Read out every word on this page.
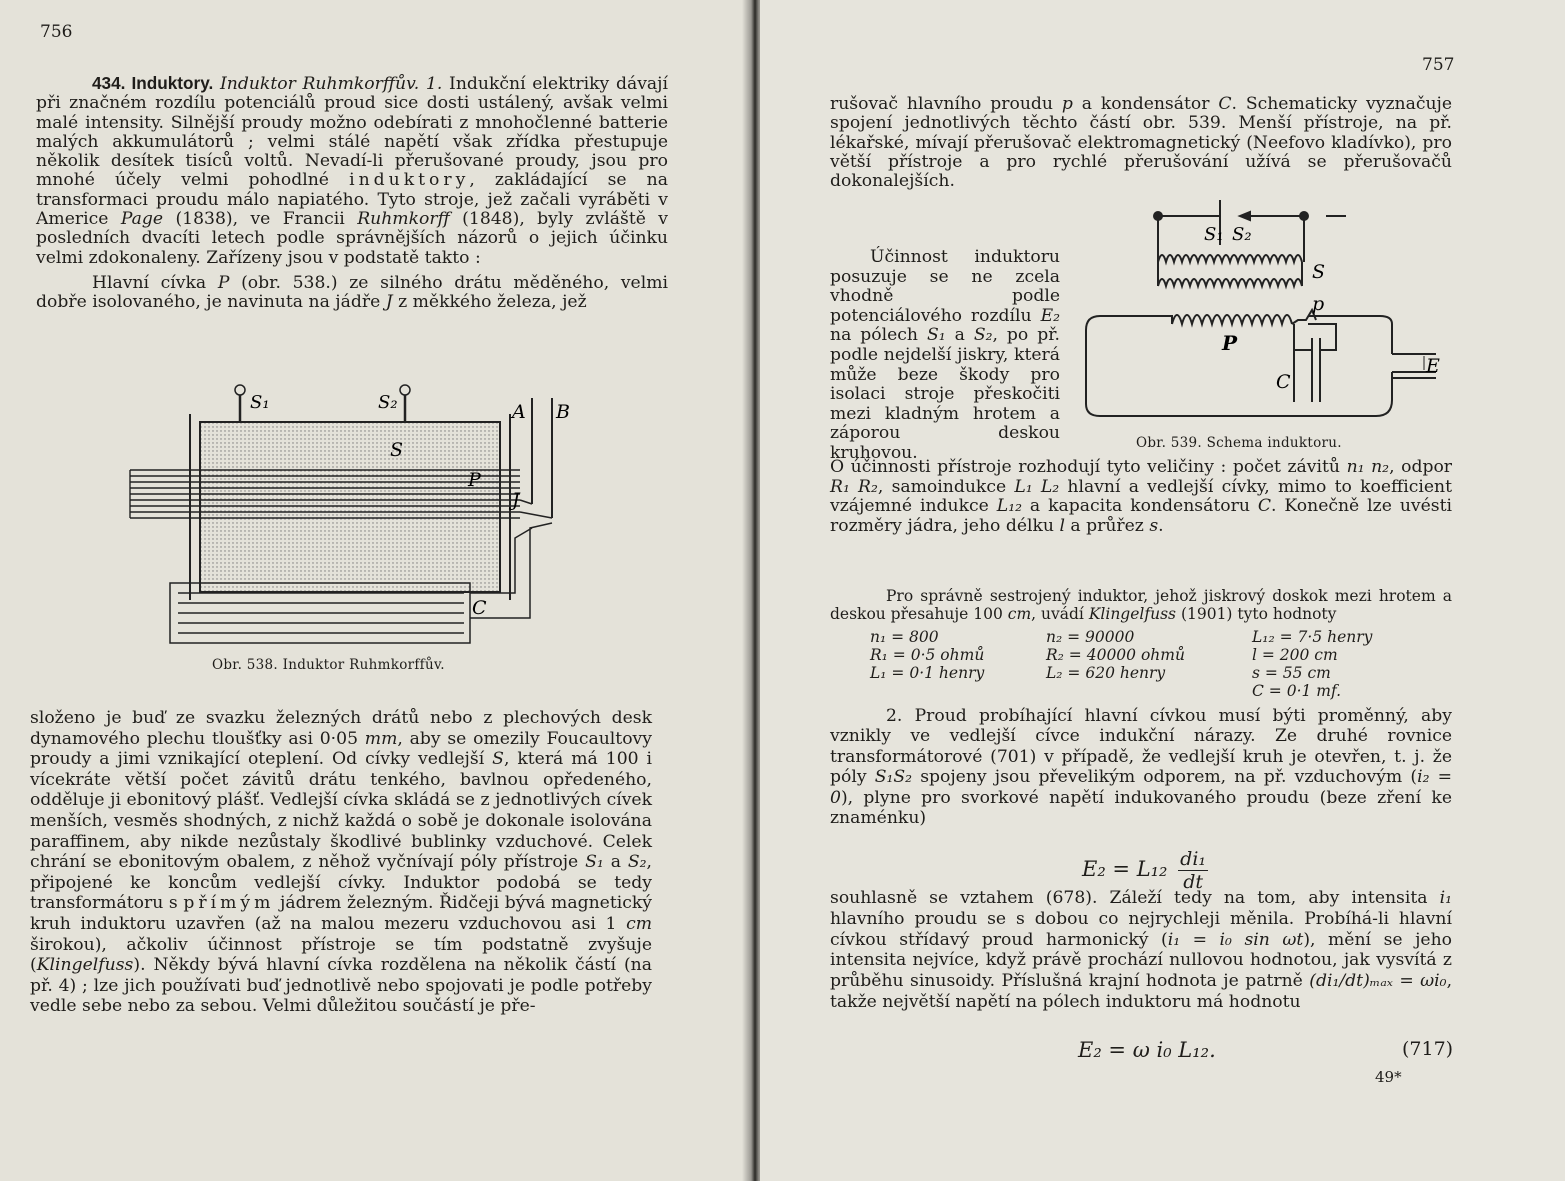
756

434. Induktory. Induktor Ruhmkorffův. 1. Indukční elektriky dávají při značném rozdílu potenciálů proud sice dosti ustálený, avšak velmi malé intensity. Silnější proudy možno odebírati z mnohočlenné batterie malých akkumulátorů ; velmi stálé napětí však zřídka přestupuje několik desítek tisíců voltů. Nevadí-li přerušované proudy, jsou pro mnohé účely velmi pohodlné induktory, zakládající se na transformaci proudu málo napiatého. Tyto stroje, jež začali vyráběti v Americe Page (1838), ve Francii Ruhmkorff (1848), byly zvláště v posledních dvacíti letech podle správnějších názorů o jejich účinku velmi zdokonaleny. Zařízeny jsou v podstatě takto :

Hlavní cívka P (obr. 538.) ze silného drátu měděného, velmi dobře isolovaného, je navinuta na jádře J z měkkého železa, jež

S₁	S₂
S
A B
P
J
C
Obr. 538. Induktor Ruhmkorffův.

složeno je buď ze svazku železných drátů nebo z plechových desk dynamového plechu tloušťky asi 0·05 mm, aby se omezily Foucaultovy proudy a jimi vznikající oteplení. Od cívky vedlejší S, která má 100 i vícekráte větší počet závitů drátu tenkého, bavlnou opředeného, odděluje ji ebonitový plášť. Vedlejší cívka skládá se z jednotlivých cívek menších, vesměs shodných, z nichž každá o sobě je dokonale isolována paraffinem, aby nikde nezůstaly škodlivé bublinky vzduchové. Celek chrání se ebonitovým obalem, z něhož vyčnívají póly přístroje S₁ a S₂, připojené ke koncům vedlejší cívky. Induktor podobá se tedy transformátoru s přímým jádrem železným. Řidčeji bývá magnetický kruh induktoru uzavřen (až na malou mezeru vzduchovou asi 1 cm širokou), ačkoliv účinnost přístroje se tím podstatně zvyšuje (Klingelfuss). Někdy bývá hlavní cívka rozdělena na několik částí (na př. 4) ; lze jich používati buď jednotlivě nebo spojovati je podle potřeby vedle sebe nebo za sebou. Velmi důležitou součástí je pře-

757

rušovač hlavního proudu p a kondensátor C. Schematicky vyznačuje spojení jednotlivých těchto částí obr. 539. Menší přístroje, na př. lékařské, mívají přerušovač elektromagnetický (Neefovo kladívko), pro větší přístroje a pro rychlé přerušování užívá se přerušovačů dokonalejších.

Účinnost induktoru posuzuje se ne zcela vhodně podle potenciálového rozdílu E₂ na pólech S₁ a S₂, po př. podle nejdelší jiskry, která může beze škody pro isolaci stroje přeskočiti mezi kladným hrotem a záporou deskou kruhovou.

S₁ S₂
S
p
P
C
E
Obr. 539. Schema induktoru.

O účinnosti přístroje rozhodují tyto veličiny : počet závitů n₁ n₂, odpor R₁ R₂, samoindukce L₁ L₂ hlavní a vedlejší cívky, mimo to koefficient vzájemné indukce L₁₂ a kapacita kondensátoru C. Konečně lze uvésti rozměry jádra, jeho délku l a průřez s.

Pro správně sestrojený induktor, jehož jiskrový doskok mezi hrotem a deskou přesahuje 100 cm, uvádí Klingelfuss (1901) tyto hodnoty

n₁ = 800	n₂ = 90000	L₁₂ = 7·5 henry
R₁ = 0·5 ohmů	R₂ = 40000 ohmů	l = 200 cm
L₁ = 0·1 henry	L₂ = 620 henry	s = 55 cm
		C = 0·1 mf.

2. Proud probíhající hlavní cívkou musí býti proměnný, aby vznikly ve vedlejší cívce indukční nárazy. Ze druhé rovnice transformátorové (701) v případě, že vedlejší kruh je otevřen, t. j. že póly S₁S₂ spojeny jsou převelikým odporem, na př. vzduchovým (i₂ = 0), plyne pro svorkové napětí indukovaného proudu (beze zření ke znaménku)

$E_2 = L_{12} \frac{\text{di₁}}{dt}$

souhlasně se vztahem (678). Záleží tedy na tom, aby intensita i₁ hlavního proudu se s dobou co nejrychleji měnila. Probíhá-li hlavní cívkou střídavý proud harmonický (i₁ = i₀ sin ωt), mění se jeho intensita nejvíce, když právě prochází nullovou hodnotou, jak vysvítá z průběhu sinusoidy. Příslušná krajní hodnota je patrně (di₁/dt)ₘₐₓ = ωi₀, takže největší napětí na pólech induktoru má hodnotu

E₂ = ω i₀ L₁₂.	(717)
49*
